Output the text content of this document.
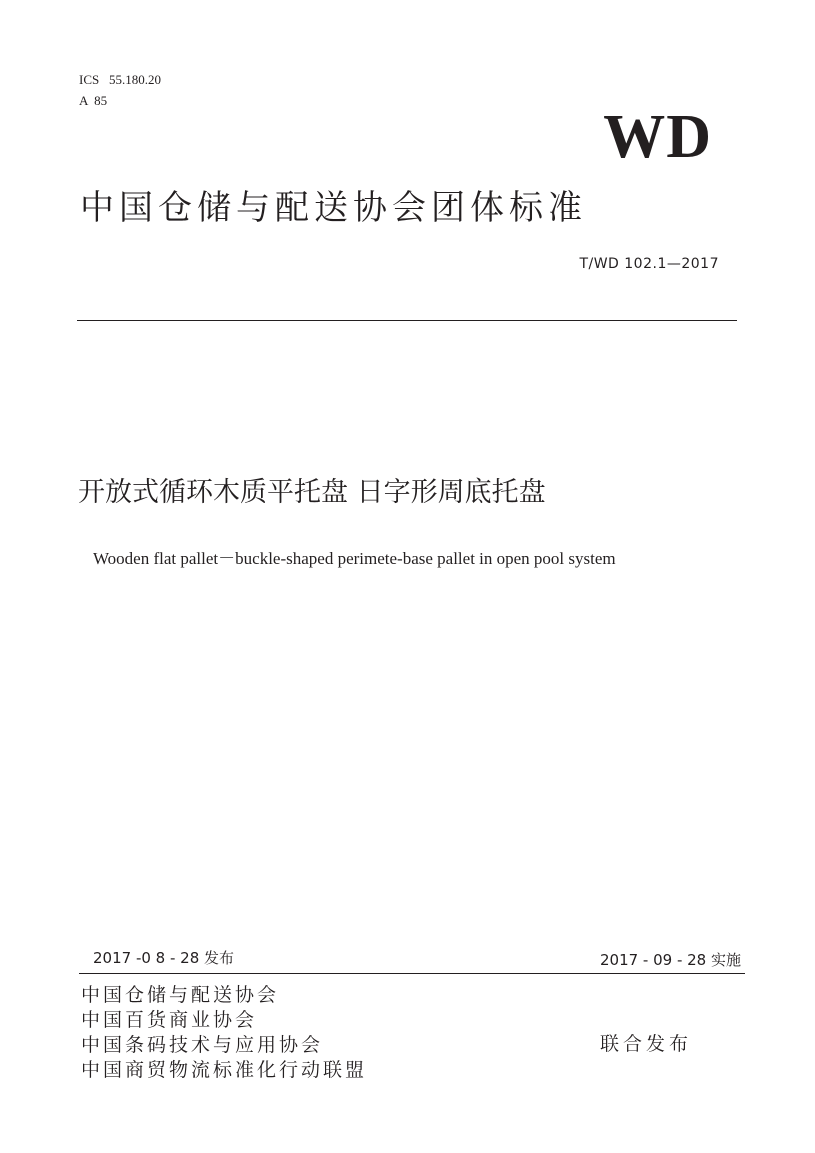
ICS   55.180.20
A  85
WD
中国仓储与配送协会团体标准
T/WD 102.1—2017
开放式循环木质平托盘 日字形周底托盘
Wooden flat pallet－buckle-shaped perimete-base pallet in open pool system
2017 -0 8 - 28 发布	2017 - 09 - 28 实施
中国仓储与配送协会
中国百货商业协会
中国条码技术与应用协会
中国商贸物流标准化行动联盟
联合发布
